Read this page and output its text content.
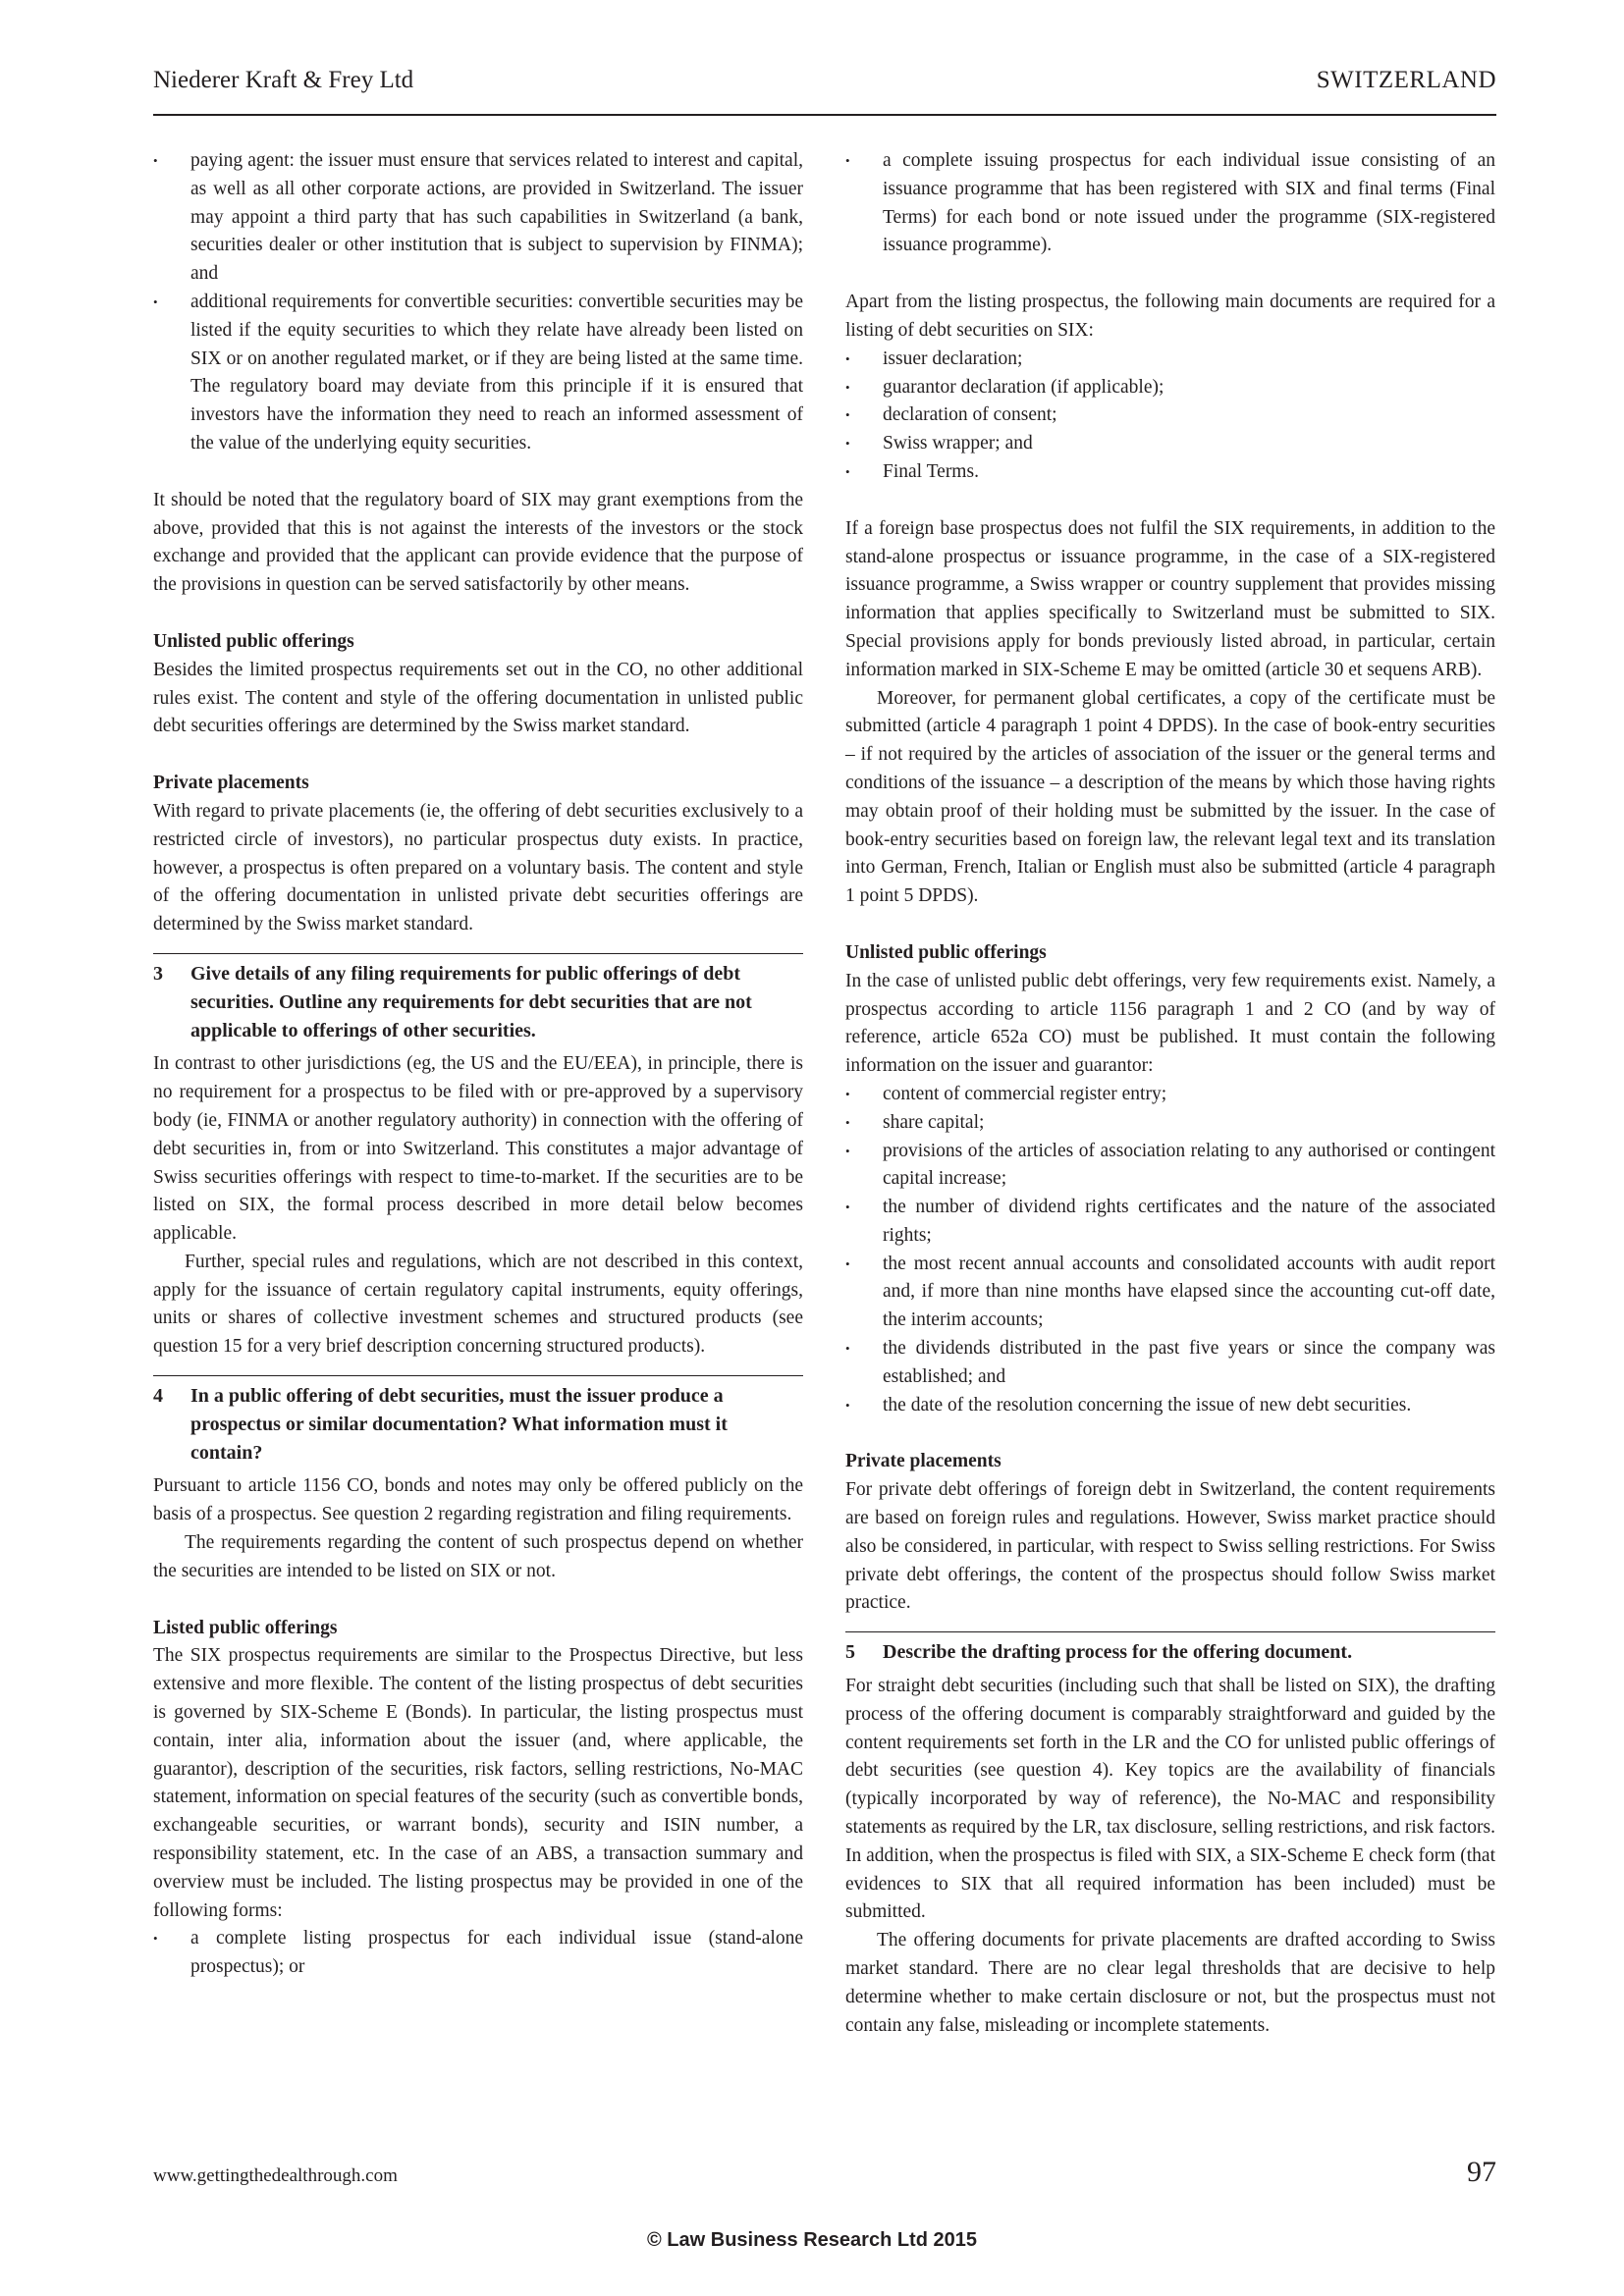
Niederer Kraft & Frey Ltd	SWITZERLAND
• paying agent: the issuer must ensure that services related to interest and capital, as well as all other corporate actions, are provided in Switzerland. The issuer may appoint a third party that has such capabilities in Switzerland (a bank, securities dealer or other institution that is subject to supervision by FINMA); and
• additional requirements for convertible securities: convertible securities may be listed if the equity securities to which they relate have already been listed on SIX or on another regulated market, or if they are being listed at the same time. The regulatory board may deviate from this principle if it is ensured that investors have the information they need to reach an informed assessment of the value of the underlying equity securities.

It should be noted that the regulatory board of SIX may grant exemptions from the above, provided that this is not against the interests of the investors or the stock exchange and provided that the applicant can provide evidence that the purpose of the provisions in question can be served satisfactorily by other means.

Unlisted public offerings

Besides the limited prospectus requirements set out in the CO, no other additional rules exist. The content and style of the offering documentation in unlisted public debt securities offerings are determined by the Swiss market standard.

Private placements

With regard to private placements (ie, the offering of debt securities exclusively to a restricted circle of investors), no particular prospectus duty exists. In practice, however, a prospectus is often prepared on a voluntary basis. The content and style of the offering documentation in unlisted private debt securities offerings are determined by the Swiss market standard.

3	Give details of any filing requirements for public offerings of debt securities. Outline any requirements for debt securities that are not applicable to offerings of other securities.

In contrast to other jurisdictions (eg, the US and the EU/EEA), in principle, there is no requirement for a prospectus to be filed with or pre-approved by a supervisory body (ie, FINMA or another regulatory authority) in connection with the offering of debt securities in, from or into Switzerland. This constitutes a major advantage of Swiss securities offerings with respect to time-to-market. If the securities are to be listed on SIX, the formal process described in more detail below becomes applicable.

Further, special rules and regulations, which are not described in this context, apply for the issuance of certain regulatory capital instruments, equity offerings, units or shares of collective investment schemes and structured products (see question 15 for a very brief description concerning structured products).

4	In a public offering of debt securities, must the issuer produce a prospectus or similar documentation? What information must it contain?

Pursuant to article 1156 CO, bonds and notes may only be offered publicly on the basis of a prospectus. See question 2 regarding registration and filing requirements.

The requirements regarding the content of such prospectus depend on whether the securities are intended to be listed on SIX or not.

Listed public offerings

The SIX prospectus requirements are similar to the Prospectus Directive, but less extensive and more flexible. The content of the listing prospectus of debt securities is governed by SIX-Scheme E (Bonds). In particular, the listing prospectus must contain, inter alia, information about the issuer (and, where applicable, the guarantor), description of the securities, risk factors, selling restrictions, No-MAC statement, information on special features of the security (such as convertible bonds, exchangeable securities, or warrant bonds), security and ISIN number, a responsibility statement, etc. In the case of an ABS, a transaction summary and overview must be included. The listing prospectus may be provided in one of the following forms:

• a complete listing prospectus for each individual issue (stand-alone prospectus); or
• a complete issuing prospectus for each individual issue consisting of an issuance programme that has been registered with SIX and final terms (Final Terms) for each bond or note issued under the programme (SIX-registered issuance programme).

Apart from the listing prospectus, the following main documents are required for a listing of debt securities on SIX:

• issuer declaration;
• guarantor declaration (if applicable);
• declaration of consent;
• Swiss wrapper; and
• Final Terms.

If a foreign base prospectus does not fulfil the SIX requirements, in addition to the stand-alone prospectus or issuance programme, in the case of a SIX-registered issuance programme, a Swiss wrapper or country supplement that provides missing information that applies specifically to Switzerland must be submitted to SIX. Special provisions apply for bonds previously listed abroad, in particular, certain information marked in SIX-Scheme E may be omitted (article 30 et sequens ARB).

Moreover, for permanent global certificates, a copy of the certificate must be submitted (article 4 paragraph 1 point 4 DPDS). In the case of book-entry securities – if not required by the articles of association of the issuer or the general terms and conditions of the issuance – a description of the means by which those having rights may obtain proof of their holding must be submitted by the issuer. In the case of book-entry securities based on foreign law, the relevant legal text and its translation into German, French, Italian or English must also be submitted (article 4 paragraph 1 point 5 DPDS).

Unlisted public offerings

In the case of unlisted public debt offerings, very few requirements exist. Namely, a prospectus according to article 1156 paragraph 1 and 2 CO (and by way of reference, article 652a CO) must be published. It must contain the following information on the issuer and guarantor:

• content of commercial register entry;
• share capital;
• provisions of the articles of association relating to any authorised or contingent capital increase;
• the number of dividend rights certificates and the nature of the associated rights;
• the most recent annual accounts and consolidated accounts with audit report and, if more than nine months have elapsed since the accounting cut-off date, the interim accounts;
• the dividends distributed in the past five years or since the company was established; and
• the date of the resolution concerning the issue of new debt securities.

Private placements

For private debt offerings of foreign debt in Switzerland, the content requirements are based on foreign rules and regulations. However, Swiss market practice should also be considered, in particular, with respect to Swiss selling restrictions. For Swiss private debt offerings, the content of the prospectus should follow Swiss market practice.

5	Describe the drafting process for the offering document.

For straight debt securities (including such that shall be listed on SIX), the drafting process of the offering document is comparably straightforward and guided by the content requirements set forth in the LR and the CO for unlisted public offerings of debt securities (see question 4). Key topics are the availability of financials (typically incorporated by way of reference), the No-MAC and responsibility statements as required by the LR, tax disclosure, selling restrictions, and risk factors. In addition, when the prospectus is filed with SIX, a SIX-Scheme E check form (that evidences to SIX that all required information has been included) must be submitted.

The offering documents for private placements are drafted according to Swiss market standard. There are no clear legal thresholds that are decisive to help determine whether to make certain disclosure or not, but the prospectus must not contain any false, misleading or incomplete statements.

www.gettingthedealthrough.com	97
© Law Business Research Ltd 2015
